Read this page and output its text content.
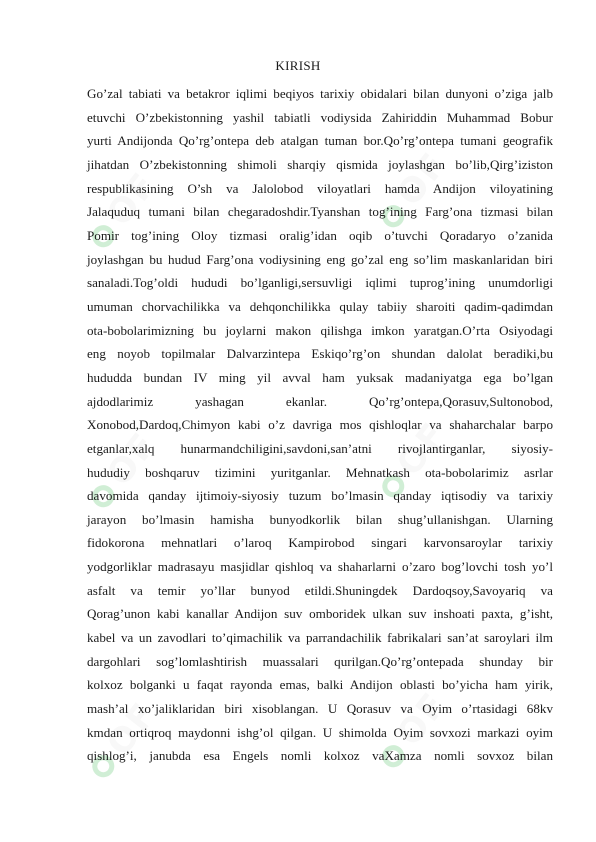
OF	OF
OF	OF
OF	OF
KIRISH
Go’zal tabiati va betakror iqlimi beqiyos tarixiy obidalari bilan dunyoni o’ziga jalb
etuvchi O’zbekistonning yashil tabiatli vodiysida Zahiriddin Muhammad Bobur
yurti Andijonda Qo’rg’ontepa deb atalgan tuman bor.Qo’rg’ontepa tumani geografik
jihatdan O’zbekistonning shimoli sharqiy qismida joylashgan bo’lib,Qirg’iziston
respublikasining O’sh va Jalolobod viloyatlari hamda Andijon viloyatining
Jalaquduq tumani bilan chegaradoshdir.Tyanshan tog’ining Farg’ona tizmasi bilan
Pomir tog’ining Oloy tizmasi oralig’idan oqib o’tuvchi Qoradaryo o’zanida
joylashgan bu hudud Farg’ona vodiysining eng go’zal eng so’lim maskanlaridan biri
sanaladi.Tog’oldi hududi bo’lganligi,sersuvligi iqlimi tuprog’ining unumdorligi
umuman chorvachilikka va dehqonchilikka qulay tabiiy sharoiti qadim-qadimdan
ota-bobolarimizning bu joylarni makon qilishga imkon yaratgan.O’rta Osiyodagi
eng noyob topilmalar Dalvarzintepa Eskiqo’rg’on shundan dalolat beradiki,bu
hududda bundan IV ming yil avval ham yuksak madaniyatga ega bo’lgan
ajdodlarimiz yashagan ekanlar. Qo’rg’ontepa,Qorasuv,Sultonobod,
Xonobod,Dardoq,Chimyon kabi o’z davriga mos qishloqlar va shaharchalar barpo
etganlar,xalq hunarmandchiligini,savdoni,san’atni rivojlantirganlar, siyosiy-
hududiy boshqaruv tizimini yuritganlar. Mehnatkash ota-bobolarimiz asrlar
davomida qanday ijtimoiy-siyosiy tuzum bo’lmasin qanday iqtisodiy va tarixiy
jarayon bo’lmasin hamisha bunyodkorlik bilan shug’ullanishgan. Ularning
fidokorona mehnatlari o’laroq Kampirobod singari karvonsaroylar tarixiy
yodgorliklar madrasayu masjidlar qishloq va shaharlarni o’zaro bog’lovchi tosh yo’l
asfalt va temir yo’llar bunyod etildi.Shuningdek Dardoqsoy,Savoyariq va
Qorag’unon kabi kanallar Andijon suv omboridek ulkan suv inshoati paxta, g’isht,
kabel va un zavodlari to’qimachilik va parrandachilik fabrikalari san’at saroylari ilm
dargohlari sog’lomlashtirish muassalari qurilgan.Qo’rg’ontepada shunday bir
kolxoz bolganki u faqat rayonda emas, balki Andijon oblasti bo’yicha ham yirik,
mash’al xo’jaliklaridan biri xisoblangan. U Qorasuv va Oyim o’rtasidagi 68kv
kmdan ortiqroq maydonni ishg’ol qilgan. U shimolda Oyim sovxozi markazi oyim
qishlog’i, janubda esa Engels nomli kolxoz vaXamza nomli sovxoz bilan
